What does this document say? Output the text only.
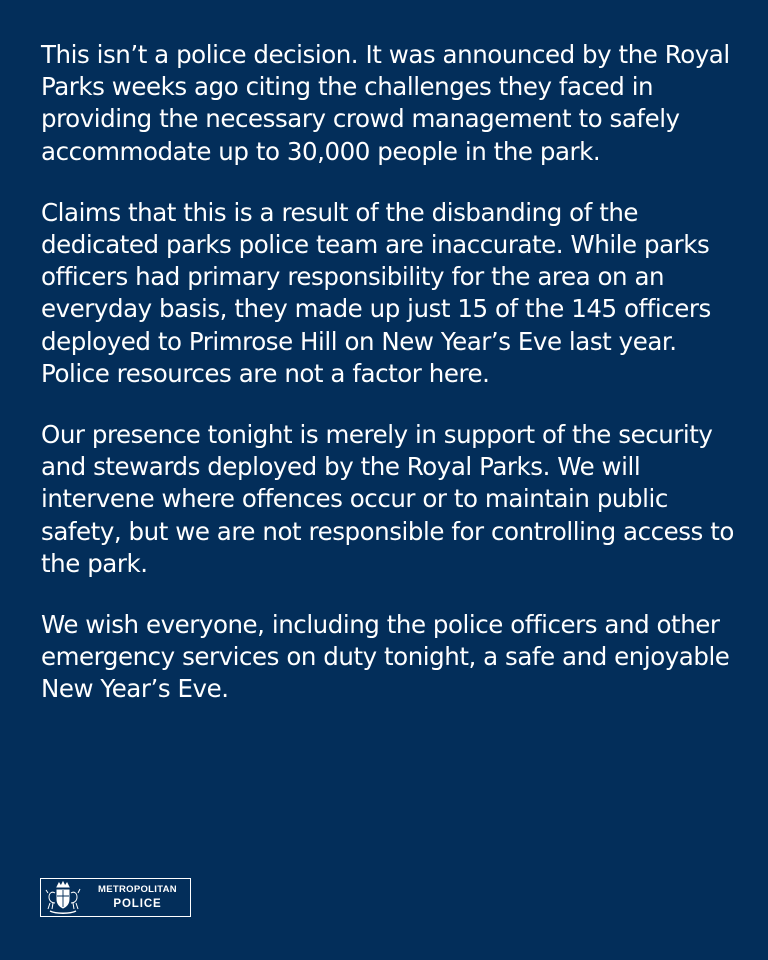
This isn’t a police decision. It was announced by the Royal Parks weeks ago citing the challenges they faced in providing the necessary crowd management to safely accommodate up to 30,000 people in the park.

Claims that this is a result of the disbanding of the dedicated parks police team are inaccurate. While parks officers had primary responsibility for the area on an everyday basis, they made up just 15 of the 145 officers deployed to Primrose Hill on New Year’s Eve last year. Police resources are not a factor here.

Our presence tonight is merely in support of the security and stewards deployed by the Royal Parks. We will intervene where offences occur or to maintain public safety, but we are not responsible for controlling access to the park.

We wish everyone, including the police officers and other emergency services on duty tonight, a safe and enjoyable New Year’s Eve.

METROPOLITAN
POLICE
